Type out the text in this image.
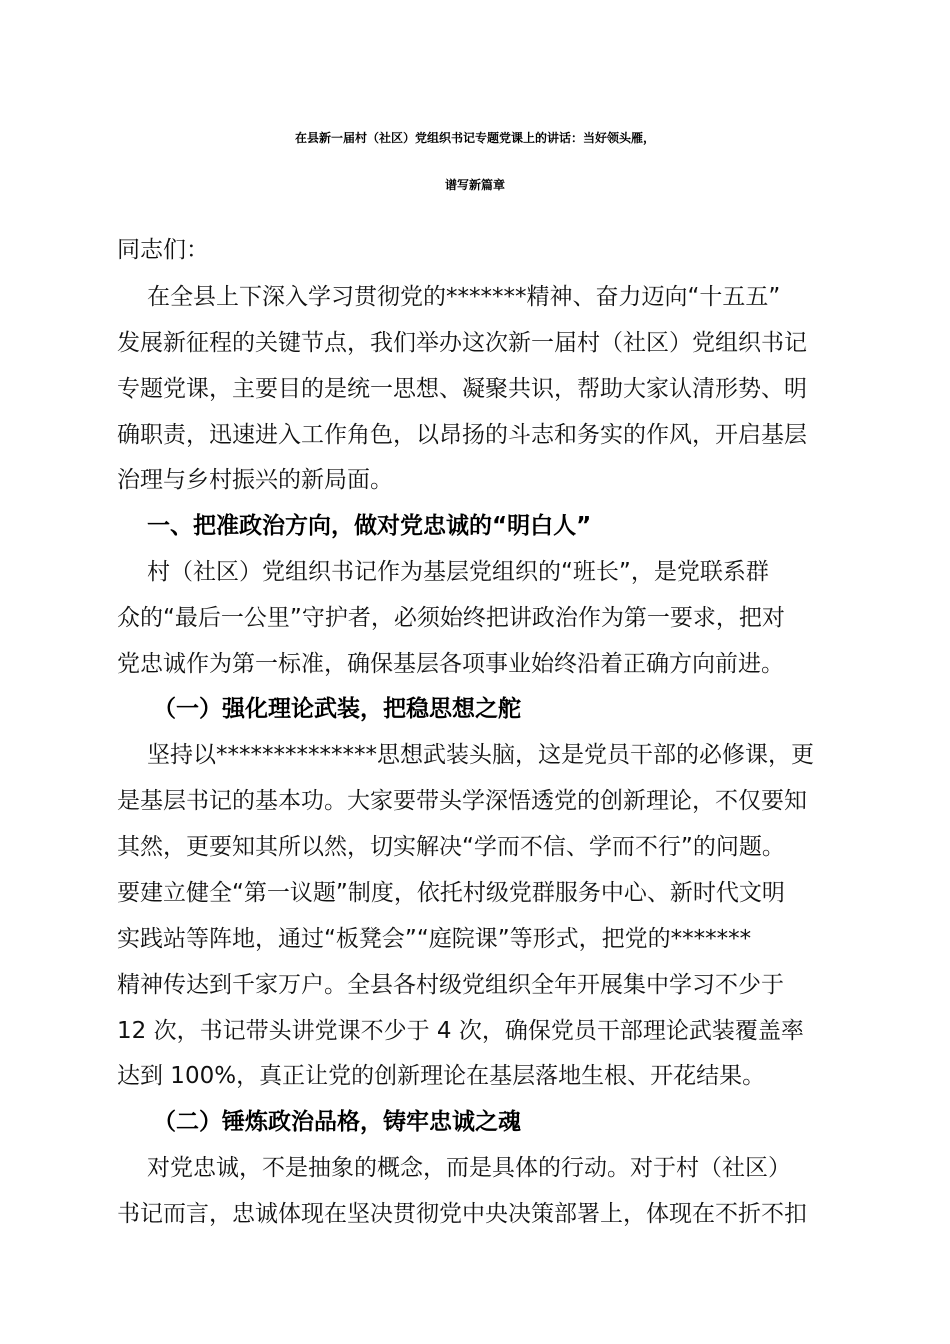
在县新一届村（社区）党组织书记专题党课上的讲话：当好领头雁，
谱写新篇章
同志们：
在全县上下深入学习贯彻党的*******精神、奋力迈向“十五五”
发展新征程的关键节点，我们举办这次新一届村（社区）党组织书记
专题党课，主要目的是统一思想、凝聚共识，帮助大家认清形势、明
确职责，迅速进入工作角色，以昂扬的斗志和务实的作风，开启基层
治理与乡村振兴的新局面。
一、把准政治方向，做对党忠诚的“明白人”
村（社区）党组织书记作为基层党组织的“班长”，是党联系群
众的“最后一公里”守护者，必须始终把讲政治作为第一要求，把对
党忠诚作为第一标准，确保基层各项事业始终沿着正确方向前进。
（一）强化理论武装，把稳思想之舵
坚持以**************思想武装头脑，这是党员干部的必修课，更
是基层书记的基本功。大家要带头学深悟透党的创新理论，不仅要知
其然，更要知其所以然，切实解决“学而不信、学而不行”的问题。
要建立健全“第一议题”制度，依托村级党群服务中心、新时代文明
实践站等阵地，通过“板凳会”“庭院课”等形式，把党的*******
精神传达到千家万户。全县各村级党组织全年开展集中学习不少于
12 次，书记带头讲党课不少于 4 次，确保党员干部理论武装覆盖率
达到 100%，真正让党的创新理论在基层落地生根、开花结果。
（二）锤炼政治品格，铸牢忠诚之魂
对党忠诚，不是抽象的概念，而是具体的行动。对于村（社区）
书记而言，忠诚体现在坚决贯彻党中央决策部署上，体现在不折不扣
